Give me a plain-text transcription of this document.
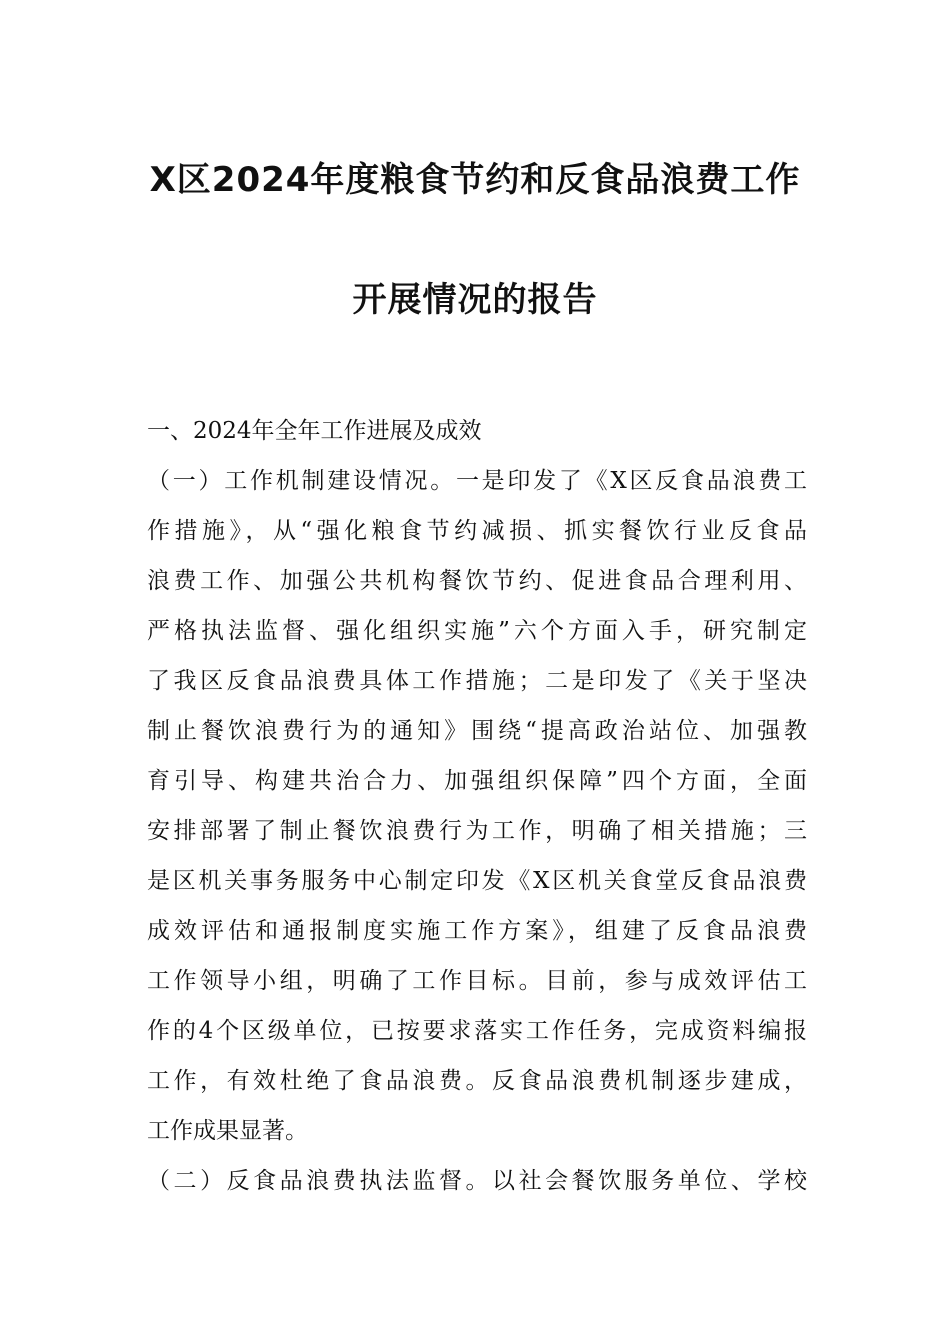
X区2024年度粮食节约和反食品浪费工作
开展情况的报告
一、2024年全年工作进展及成效
（一）工作机制建设情况。一是印发了《X区反食品浪费工
作措施》，从“强化粮食节约减损、抓实餐饮行业反食品
浪费工作、加强公共机构餐饮节约、促进食品合理利用、
严格执法监督、强化组织实施”六个方面入手，研究制定
了我区反食品浪费具体工作措施；二是印发了《关于坚决
制止餐饮浪费行为的通知》围绕“提高政治站位、加强教
育引导、构建共治合力、加强组织保障”四个方面，全面
安排部署了制止餐饮浪费行为工作，明确了相关措施；三
是区机关事务服务中心制定印发《X区机关食堂反食品浪费
成效评估和通报制度实施工作方案》，组建了反食品浪费
工作领导小组，明确了工作目标。目前，参与成效评估工
作的4个区级单位，已按要求落实工作任务，完成资料编报
工作，有效杜绝了食品浪费。反食品浪费机制逐步建成，
工作成果显著。
（二）反食品浪费执法监督。以社会餐饮服务单位、学校
